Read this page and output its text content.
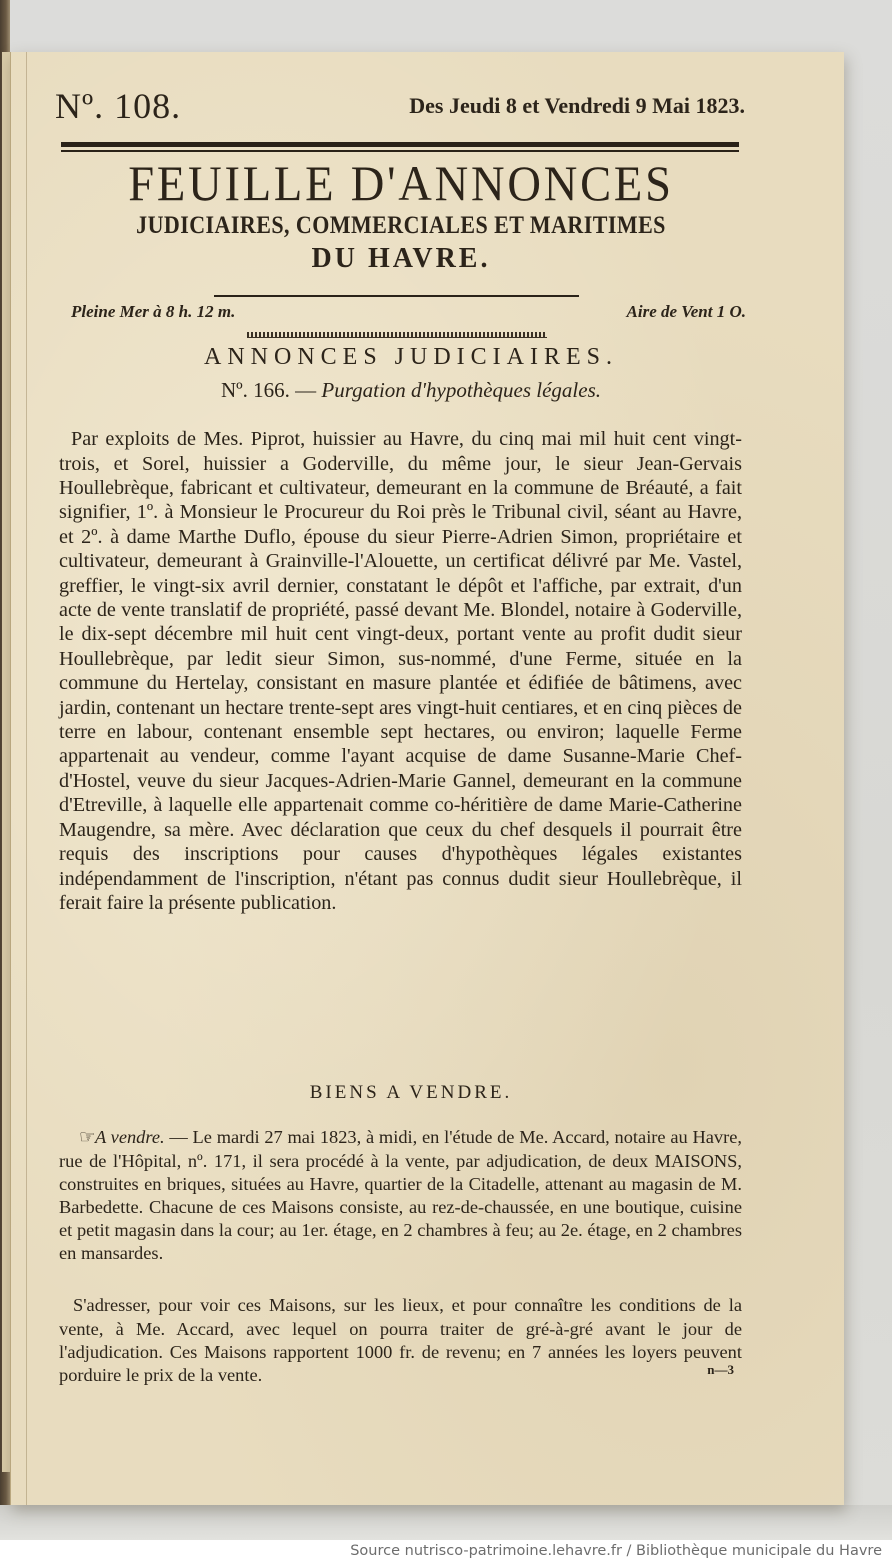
Nº. 108.	Des Jeudi 8 et Vendredi 9 Mai 1823.
FEUILLE D'ANNONCES
JUDICIAIRES, COMMERCIALES ET MARITIMES
DU HAVRE.
Pleine Mer à 8 h. 12 m.	Aire de Vent 1 O.
ANNONCES JUDICIAIRES.
Nº. 166. — Purgation d'hypothèques légales.

Par exploits de Mes. Piprot, huissier au Havre, du cinq mai mil huit cent vingt-trois, et Sorel, huissier a Goderville, du même jour, le sieur Jean-Gervais Houllebrèque, fabricant et cultivateur, demeurant en la commune de Bréauté, a fait signifier, 1º. à Monsieur le Procureur du Roi près le Tribunal civil, séant au Havre, et 2º. à dame Marthe Duflo, épouse du sieur Pierre-Adrien Simon, propriétaire et cultivateur, demeurant à Grainville-l'Alouette, un certificat délivré par Me. Vastel, greffier, le vingt-six avril dernier, constatant le dépôt et l'affiche, par extrait, d'un acte de vente translatif de propriété, passé devant Me. Blondel, notaire à Goderville, le dix-sept décembre mil huit cent vingt-deux, portant vente au profit dudit sieur Houllebrèque, par ledit sieur Simon, sus-nommé, d'une Ferme, située en la commune du Hertelay, consistant en masure plantée et édifiée de bâtimens, avec jardin, contenant un hectare trente-sept ares vingt-huit centiares, et en cinq pièces de terre en labour, contenant ensemble sept hectares, ou environ; laquelle Ferme appartenait au vendeur, comme l'ayant acquise de dame Susanne-Marie Chef-d'Hostel, veuve du sieur Jacques-Adrien-Marie Gannel, demeurant en la commune d'Etreville, à laquelle elle appartenait comme co-héritière de dame Marie-Catherine Maugendre, sa mère. Avec déclaration que ceux du chef desquels il pourrait être requis des inscriptions pour causes d'hypothèques légales existantes indépendamment de l'inscription, n'étant pas connus dudit sieur Houllebrèque, il ferait faire la présente publication.

BIENS A VENDRE.

☞A vendre. — Le mardi 27 mai 1823, à midi, en l'étude de Me. Accard, notaire au Havre, rue de l'Hôpital, nº. 171, il sera procédé à la vente, par adjudication, de deux MAISONS, construites en briques, situées au Havre, quartier de la Citadelle, attenant au magasin de M. Barbedette. Chacune de ces Maisons consiste, au rez-de-chaussée, en une boutique, cuisine et petit magasin dans la cour; au 1er. étage, en 2 chambres à feu; au 2e. étage, en 2 chambres en mansardes.

S'adresser, pour voir ces Maisons, sur les lieux, et pour connaître les conditions de la vente, à Me. Accard, avec lequel on pourra traiter de gré-à-gré avant le jour de l'adjudication. Ces Maisons rapportent 1000 fr. de revenu; en 7 années les loyers peuvent porduire le prix de la vente.	n—3
Source nutrisco-patrimoine.lehavre.fr / Bibliothèque municipale du Havre
